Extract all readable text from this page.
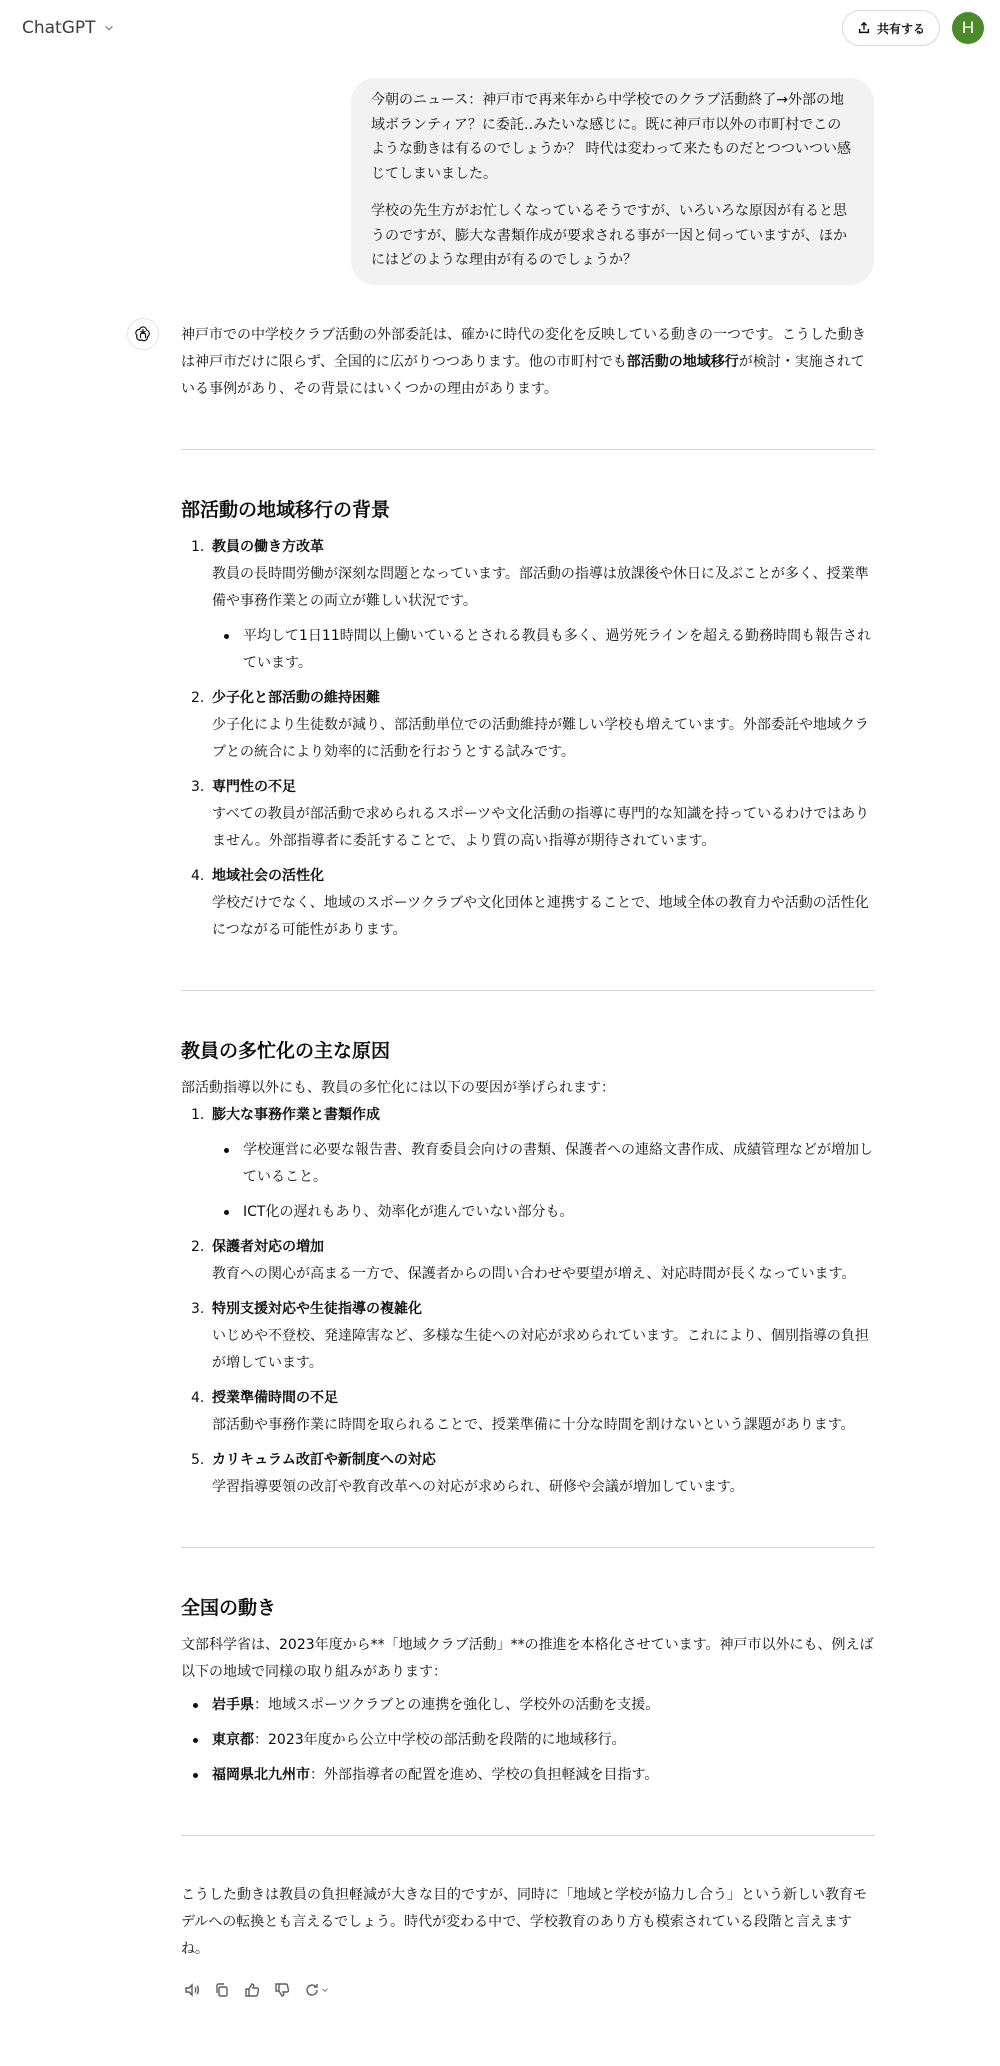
ChatGPT	共有する H

今朝のニュース：神戸市で再来年から中学校でのクラブ活動終了→外部の地域ボランティア？に委託‥みたいな感じに。既に神戸市以外の市町村でこのような動きは有るのでしょうか？ 時代は変わって来たものだとつついつい感じてしまいました。

学校の先生方がお忙しくなっているそうですが、いろいろな原因が有ると思うのですが、膨大な書類作成が要求される事が一因と伺っていますが、ほかにはどのような理由が有るのでしょうか？

神戸市での中学校クラブ活動の外部委託は、確かに時代の変化を反映している動きの一つです。こうした動きは神戸市だけに限らず、全国的に広がりつつあります。他の市町村でも部活動の地域移行が検討・実施されている事例があり、その背景にはいくつかの理由があります。

部活動の地域移行の背景
1. 教員の働き方改革
教員の長時間労働が深刻な問題となっています。部活動の指導は放課後や休日に及ぶことが多く、授業準備や事務作業との両立が難しい状況です。
平均して1日11時間以上働いているとされる教員も多く、過労死ラインを超える勤務時間も報告されています。
2. 少子化と部活動の維持困難
少子化により生徒数が減り、部活動単位での活動維持が難しい学校も増えています。外部委託や地域クラブとの統合により効率的に活動を行おうとする試みです。
3. 専門性の不足
すべての教員が部活動で求められるスポーツや文化活動の指導に専門的な知識を持っているわけではありません。外部指導者に委託することで、より質の高い指導が期待されています。
4. 地域社会の活性化
学校だけでなく、地域のスポーツクラブや文化団体と連携することで、地域全体の教育力や活動の活性化につながる可能性があります。
教員の多忙化の主な原因

部活動指導以外にも、教員の多忙化には以下の要因が挙げられます：

1. 膨大な事務作業と書類作成
学校運営に必要な報告書、教育委員会向けの書類、保護者への連絡文書作成、成績管理などが増加していること。
ICT化の遅れもあり、効率化が進んでいない部分も。
2. 保護者対応の増加
教育への関心が高まる一方で、保護者からの問い合わせや要望が増え、対応時間が長くなっています。
3. 特別支援対応や生徒指導の複雑化
いじめや不登校、発達障害など、多様な生徒への対応が求められています。これにより、個別指導の負担が増しています。
4. 授業準備時間の不足
部活動や事務作業に時間を取られることで、授業準備に十分な時間を割けないという課題があります。
5. カリキュラム改訂や新制度への対応
学習指導要領の改訂や教育改革への対応が求められ、研修や会議が増加しています。
全国の動き

文部科学省は、2023年度から**「地域クラブ活動」**の推進を本格化させています。神戸市以外にも、例えば以下の地域で同様の取り組みがあります：

岩手県：地域スポーツクラブとの連携を強化し、学校外の活動を支援。
東京都：2023年度から公立中学校の部活動を段階的に地域移行。
福岡県北九州市：外部指導者の配置を進め、学校の負担軽減を目指す。

こうした動きは教員の負担軽減が大きな目的ですが、同時に「地域と学校が協力し合う」という新しい教育モデルへの転換とも言えるでしょう。時代が変わる中で、学校教育のあり方も模索されている段階と言えますね。
